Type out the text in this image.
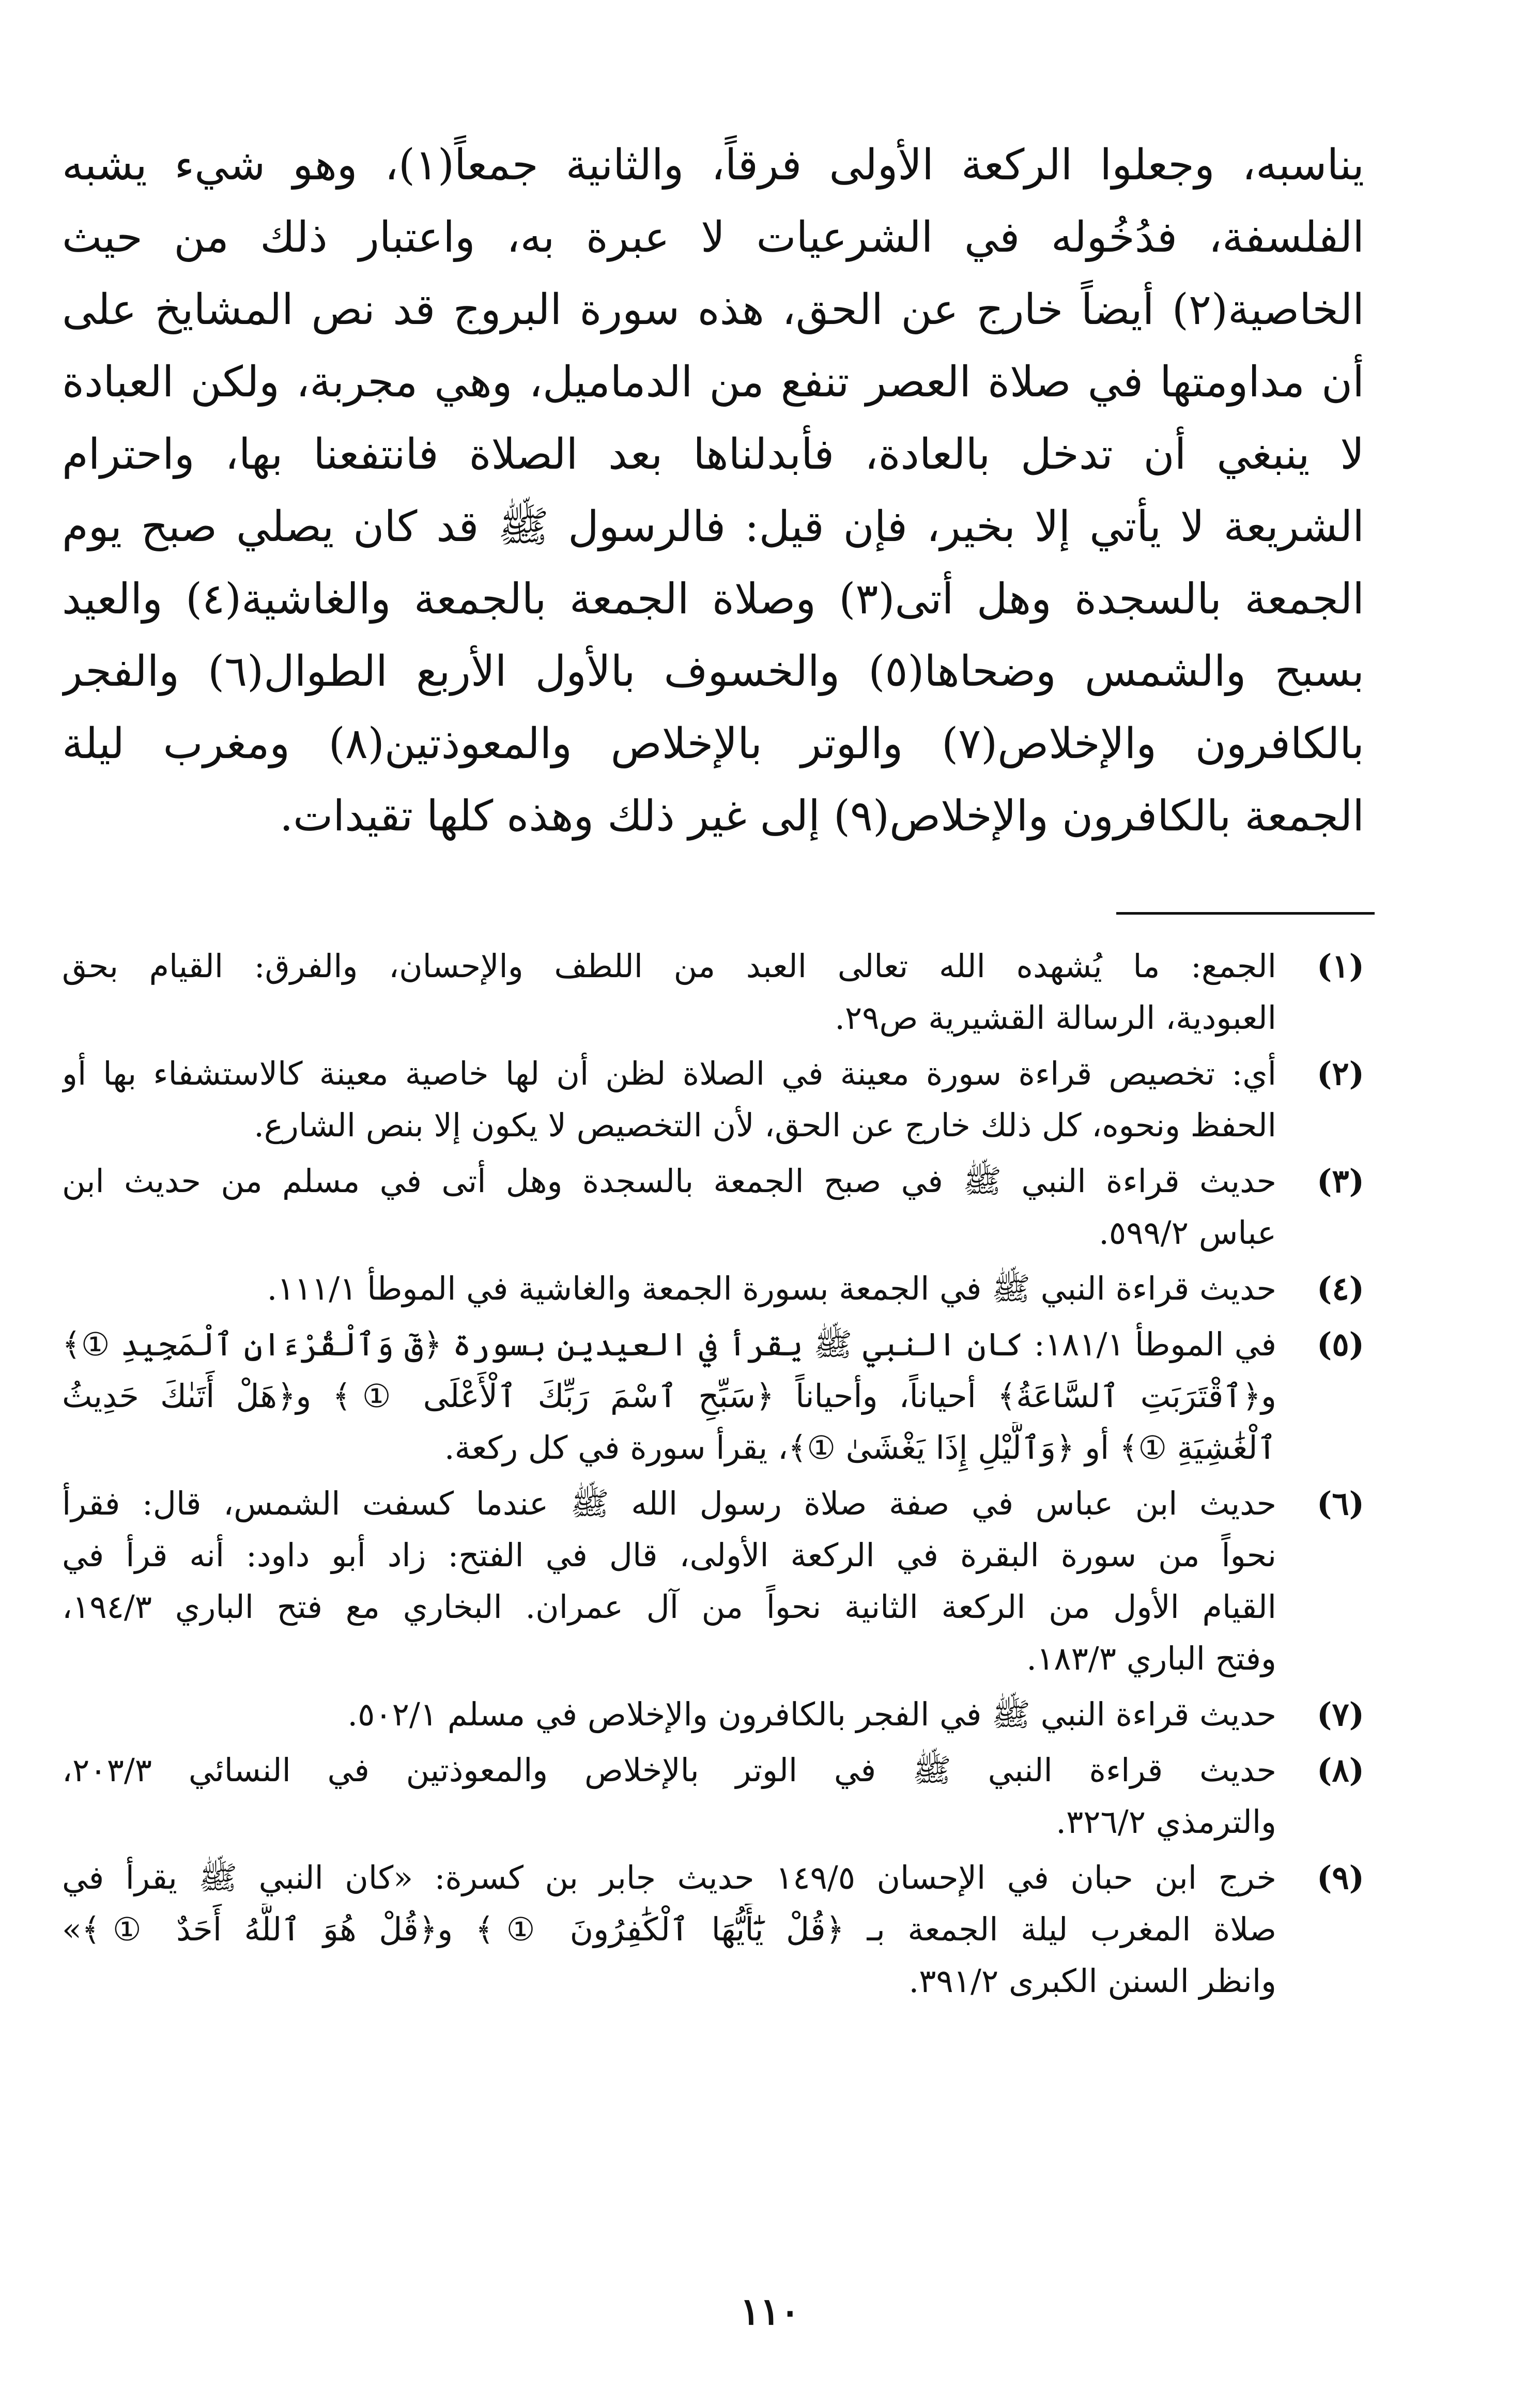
يناسبه، وجعلوا الركعة الأولى فرقاً، والثانية جمعاً(١)، وهو شيء يشبه
الفلسفة، فدُخُوله في الشرعيات لا عبرة به، واعتبار ذلك من حيث
الخاصية(٢) أيضاً خارج عن الحق، هذه سورة البروج قد نص المشايخ على
أن مداومتها في صلاة العصر تنفع من الدماميل، وهي مجربة، ولكن العبادة
لا ينبغي أن تدخل بالعادة، فأبدلناها بعد الصلاة فانتفعنا بها، واحترام
الشريعة لا يأتي إلا بخير، فإن قيل: فالرسول ﷺ قد كان يصلي صبح يوم
الجمعة بالسجدة وهل أتى(٣) وصلاة الجمعة بالجمعة والغاشية(٤) والعيد
بسبح والشمس وضحاها(٥) والخسوف بالأول الأربع الطوال(٦) والفجر
بالكافرون والإخلاص(٧) والوتر بالإخلاص والمعوذتين(٨) ومغرب ليلة
الجمعة بالكافرون والإخلاص(٩) إلى غير ذلك وهذه كلها تقيدات.
(١)
الجمع: ما يُشهده الله تعالى العبد من اللطف والإحسان، والفرق: القيام بحق
العبودية، الرسالة القشيرية ص٢٩.
(٢)
أي: تخصيص قراءة سورة معينة في الصلاة لظن أن لها خاصية معينة كالاستشفاء بها أو
الحفظ ونحوه، كل ذلك خارج عن الحق، لأن التخصيص لا يكون إلا بنص الشارع.
(٣)
حديث قراءة النبي ﷺ في صبح الجمعة بالسجدة وهل أتى في مسلم من حديث ابن
عباس ٥٩٩/٢.
(٤)
حديث قراءة النبي ﷺ في الجمعة بسورة الجمعة والغاشية في الموطأ ١١١/١.
(٥)
في الموطأ ١٨١/١: كان النبي ﷺ يقرأ في العيدين بسورة ﴿قٓ وَٱلْقُرْءَانِ ٱلْمَجِيدِ ①﴾
و﴿ٱقْتَرَبَتِ ٱلسَّاعَةُ﴾ أحياناً، وأحياناً ﴿سَبِّحِ ٱسْمَ رَبِّكَ ٱلْأَعْلَى ①﴾ و﴿هَلْ أَتَىٰكَ حَدِيثُ
ٱلْغَٰشِيَةِ ①﴾ أو ﴿وَٱلَّيْلِ إِذَا يَغْشَىٰ ①﴾، يقرأ سورة في كل ركعة.
(٦)
حديث ابن عباس في صفة صلاة رسول الله ﷺ عندما كسفت الشمس، قال: فقرأ
نحواً من سورة البقرة في الركعة الأولى، قال في الفتح: زاد أبو داود: أنه قرأ في
القيام الأول من الركعة الثانية نحواً من آل عمران. البخاري مع فتح الباري ١٩٤/٣،
وفتح الباري ١٨٣/٣.
(٧)
حديث قراءة النبي ﷺ في الفجر بالكافرون والإخلاص في مسلم ٥٠٢/١.
(٨)
حديث قراءة النبي ﷺ في الوتر بالإخلاص والمعوذتين في النسائي ٢٠٣/٣،
والترمذي ٣٢٦/٢.
(٩)
خرج ابن حبان في الإحسان ١٤٩/٥ حديث جابر بن كسرة: «كان النبي ﷺ يقرأ في
صلاة المغرب ليلة الجمعة بـ ﴿قُلْ يَٰٓأَيُّهَا ٱلْكَٰفِرُونَ ①﴾ و﴿قُلْ هُوَ ٱللَّهُ أَحَدٌ ①﴾»
وانظر السنن الكبرى ٣٩١/٢.
١١٠
